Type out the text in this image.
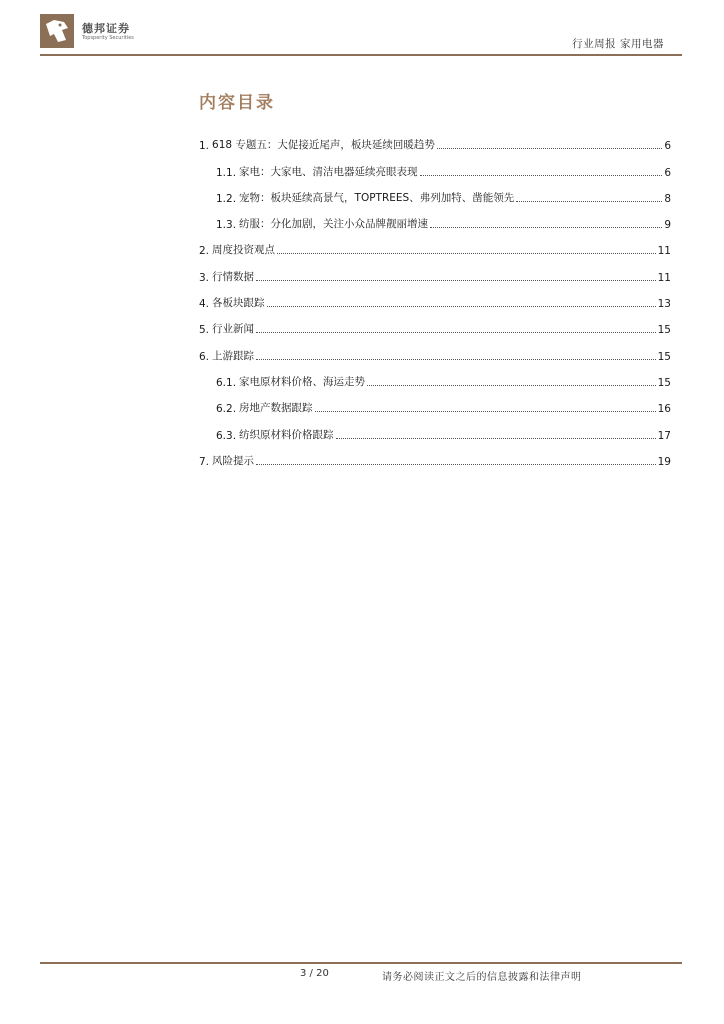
德邦证券
Topsperity Securities	行业周报 家用电器
内容目录
1. 618 专题五：大促接近尾声，板块延续回暖趋势	6
1.1. 家电：大家电、清洁电器延续亮眼表现	6
1.2. 宠物：板块延续高景气，TOPTREES、弗列加特、凿能领先	8
1.3. 纺服：分化加剧，关注小众品牌靓丽增速	9
2. 周度投资观点	11
3. 行情数据	11
4. 各板块跟踪	13
5. 行业新闻	15
6. 上游跟踪	15
6.1. 家电原材料价格、海运走势	15
6.2. 房地产数据跟踪	16
6.3. 纺织原材料价格跟踪	17
7. 风险提示	19
3 / 20	请务必阅读正文之后的信息披露和法律声明
